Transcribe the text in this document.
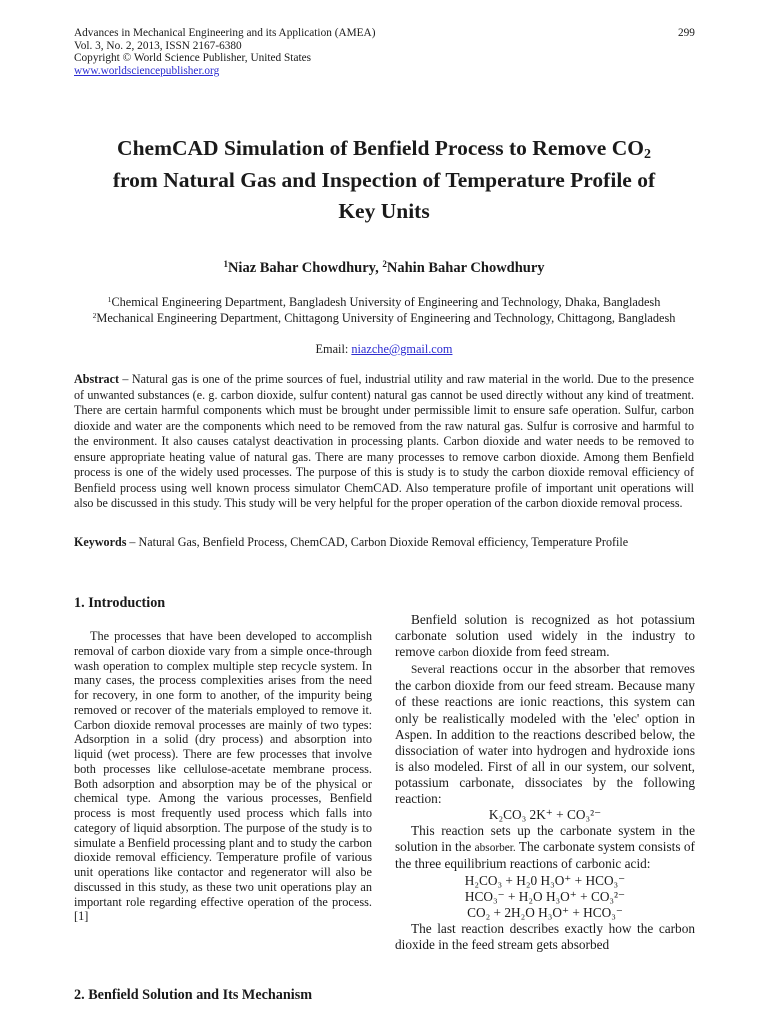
Advances in Mechanical Engineering and its Application (AMEA)
Vol. 3, No. 2, 2013, ISSN 2167-6380
Copyright © World Science Publisher, United States
www.worldsciencepublisher.org
299
ChemCAD Simulation of Benfield Process to Remove $CO_2$
from Natural Gas and Inspection of Temperature Profile of
Key Units
$^1$Niaz Bahar Chowdhury, $^2$Nahin Bahar Chowdhury
$^1$Chemical Engineering Department, Bangladesh University of Engineering and Technology, Dhaka, Bangladesh
$^2$Mechanical Engineering Department, Chittagong University of Engineering and Technology, Chittagong, Bangladesh
Email: niazche@gmail.com
Abstract – Natural gas is one of the prime sources of fuel, industrial utility and raw material in the world. Due to the presence of unwanted substances (e. g. carbon dioxide, sulfur content) natural gas cannot be used directly without any kind of treatment. There are certain harmful components which must be brought under permissible limit to ensure safe operation. Sulfur, carbon dioxide and water are the components which need to be removed from the raw natural gas. Sulfur is corrosive and harmful to the environment. It also causes catalyst deactivation in processing plants. Carbon dioxide and water needs to be removed to ensure appropriate heating value of natural gas. There are many processes to remove carbon dioxide. Among them Benfield process is one of the widely used processes. The purpose of this is study is to study the carbon dioxide removal efficiency of Benfield process using well known process simulator ChemCAD. Also temperature profile of important unit operations will also be discussed in this study. This study will be very helpful for the proper operation of the carbon dioxide removal process.
Keywords – Natural Gas, Benfield Process, ChemCAD, Carbon Dioxide Removal efficiency, Temperature Profile
1. Introduction

The processes that have been developed to accomplish removal of carbon dioxide vary from a simple once-through wash operation to complex multiple step recycle system. In many cases, the process complexities arises from the need for recovery, in one form to another, of the impurity being removed or recover of the materials employed to remove it. Carbon dioxide removal processes are mainly of two types: Adsorption in a solid (dry process) and absorption into liquid (wet process). There are few processes that involve both processes like cellulose-acetate membrane process. Both adsorption and absorption may be of the physical or chemical type. Among the various processes, Benfield process is most frequently used process which falls into category of liquid absorption. The purpose of the study is to simulate a Benfield processing plant and to study the carbon dioxide removal efficiency. Temperature profile of various unit operations like contactor and regenerator will also be discussed in this study, as these two unit operations play an important role regarding effective operation of the process. [1]

2. Benfield Solution and Its Mechanism

Benfield solution is recognized as hot potassium carbonate solution used widely in the industry to remove carbon dioxide from feed stream.

Several reactions occur in the absorber that removes the carbon dioxide from our feed stream. Because many of these reactions are ionic reactions, this system can only be realistically modeled with the 'elec' option in Aspen. In addition to the reactions described below, the dissociation of water into hydrogen and hydroxide ions is also modeled. First of all in our system, our solvent, potassium carbonate, dissociates by the following reaction:

K₂CO₃ 2K⁺ + CO₃²⁻

This reaction sets up the carbonate system in the solution in the absorber. The carbonate system consists of the three equilibrium reactions of carbonic acid:

H₂CO₃ + H₂0 H₃O⁺ + HCO₃⁻

HCO₃⁻ + H₂O H₃O⁺ + CO₃²⁻

CO₂ + 2H₂O H₃O⁺ + HCO₃⁻

The last reaction describes exactly how the carbon dioxide in the feed stream gets absorbed
